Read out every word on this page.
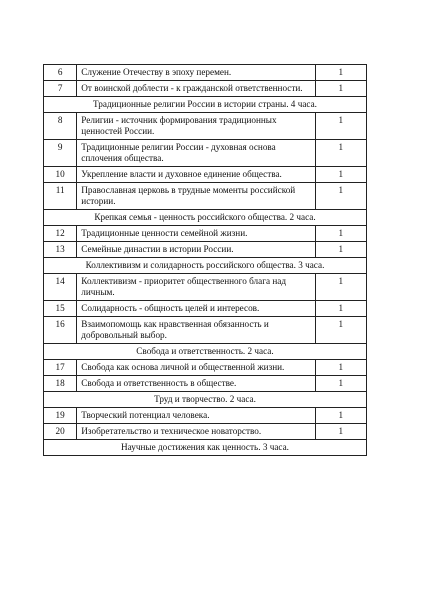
6	Служение Отечеству в эпоху перемен.	1
7	От воинской доблести - к гражданской ответственности.	1
Традиционные религии России в истории страны. 4 часа.		
8	Религии - источник формирования традиционных ценностей России.	1
9	Традиционные религии России - духовная основа сплочения общества.	1
10	Укрепление власти и духовное единение общества.	1
11	Православная церковь в трудные моменты российской истории.	1
Крепкая семья - ценность российского общества. 2 часа.		
12	Традиционные ценности семейной жизни.	1
13	Семейные династии в истории России.	1
Коллективизм и солидарность российского общества. 3 часа.		
14	Коллективизм - приоритет общественного блага над личным.	1
15	Солидарность - общность целей и интересов.	1
16	Взаимопомощь как нравственная обязанность и добровольный выбор.	1
Свобода и ответственность. 2 часа.		
17	Свобода как основа личной и общественной жизни.	1
18	Свобода и ответственность в обществе.	1
Труд и творчество. 2 часа.		
19	Творческий потенциал человека.	1
20	Изобретательство и техническое новаторство.	1
Научные достижения как ценность. 3 часа.		
